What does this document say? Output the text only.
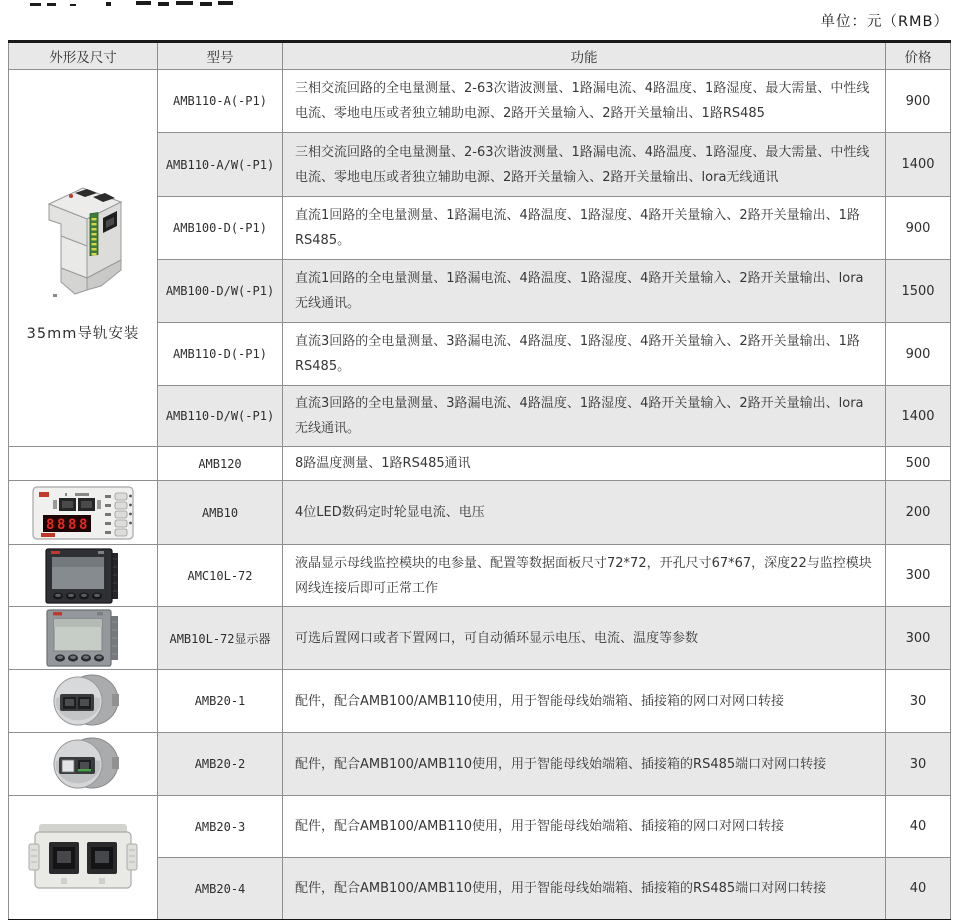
单位：元（RMB）
外形及尺寸	型号	功能	价格

35mm导轨安装	AMB110-A(-P1)	三相交流回路的全电量测量、2-63次谐波测量、1路漏电流、4路温度、1路湿度、最大需量、中性线电流、零地电压或者独立辅助电源、2路开关量输入、2路开关量输出、1路RS485	900
	AMB110-A/W(-P1)	三相交流回路的全电量测量、2-63次谐波测量、1路漏电流、4路温度、1路湿度、最大需量、中性线电流、零地电压或者独立辅助电源、2路开关量输入、2路开关量输出、lora无线通讯	1400
	AMB100-D(-P1)	直流1回路的全电量测量、1路漏电流、4路温度、1路湿度、4路开关量输入、2路开关量输出、1路RS485。	900
	AMB100-D/W(-P1)	直流1回路的全电量测量、1路漏电流、4路温度、1路湿度、4路开关量输入、2路开关量输出、lora无线通讯。	1500
	AMB110-D(-P1)	直流3回路的全电量测量、3路漏电流、4路温度、1路湿度、4路开关量输入、2路开关量输出、1路RS485。	900
	AMB110-D/W(-P1)	直流3回路的全电量测量、3路漏电流、4路温度、1路湿度、4路开关量输入、2路开关量输出、lora无线通讯。	1400
	AMB120	8路温度测量、1路RS485通讯	500

8 8 8 8	AMB10	4位LED数码定时轮显电流、电压	200

	AMC10L-72	液晶显示母线监控模块的电参量、配置等数据面板尺寸72*72，开孔尺寸67*67，深度22与监控模块网线连接后即可正常工作	300

	AMB10L-72显示器	可选后置网口或者下置网口，可自动循环显示电压、电流、温度等参数	300

	AMB20-1	配件，配合AMB100/AMB110使用，用于智能母线始端箱、插接箱的网口对网口转接	30

	AMB20-2	配件，配合AMB100/AMB110使用，用于智能母线始端箱、插接箱的RS485端口对网口转接	30

	AMB20-3	配件，配合AMB100/AMB110使用，用于智能母线始端箱、插接箱的网口对网口转接	40
	AMB20-4	配件，配合AMB100/AMB110使用，用于智能母线始端箱、插接箱的RS485端口对网口转接	40
